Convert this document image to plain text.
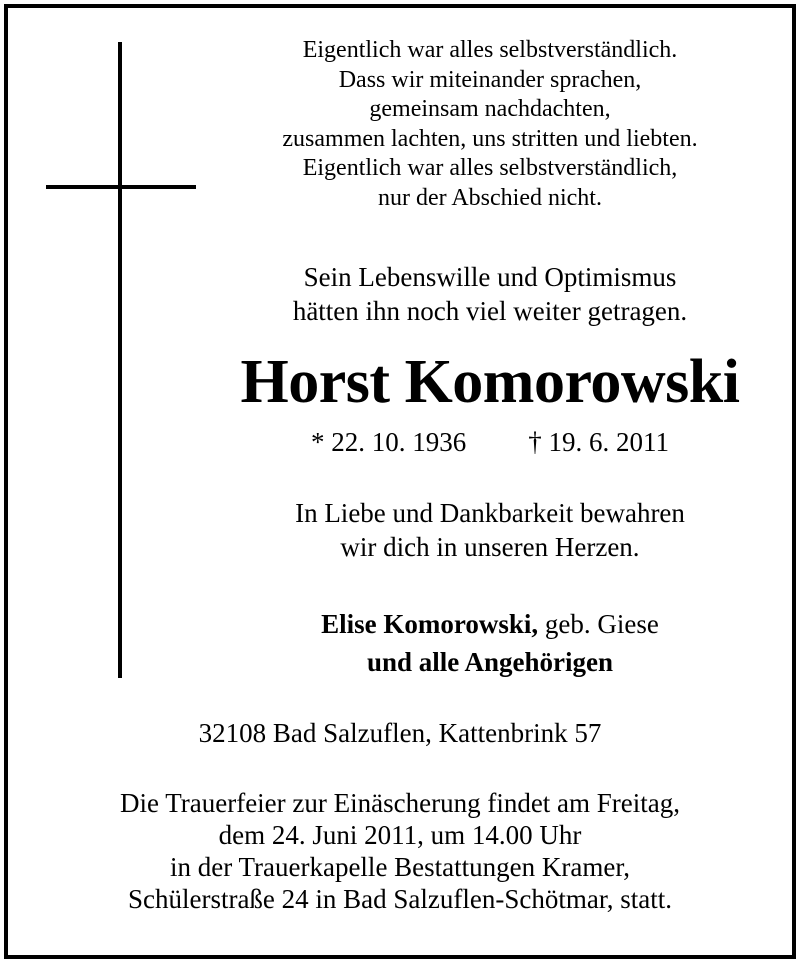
Eigentlich war alles selbstverständlich.
Dass wir miteinander sprachen,
gemeinsam nachdachten,
zusammen lachten, uns stritten und liebten.
Eigentlich war alles selbstverständlich,
nur der Abschied nicht.
Sein Lebenswille und Optimismus
hätten ihn noch viel weiter getragen.
Horst Komorowski
* 22. 10. 1936 † 19. 6. 2011
In Liebe und Dankbarkeit bewahren
wir dich in unseren Herzen.
Elise Komorowski, geb. Giese
und alle Angehörigen
32108 Bad Salzuflen, Kattenbrink 57
Die Trauerfeier zur Einäscherung findet am Freitag,
dem 24. Juni 2011, um 14.00 Uhr
in der Trauerkapelle Bestattungen Kramer,
Schülerstraße 24 in Bad Salzuflen-Schötmar, statt.
